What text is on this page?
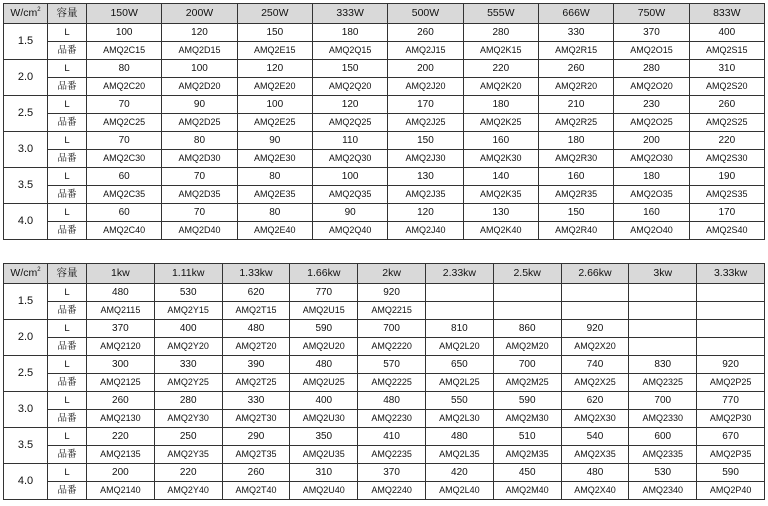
$W/cm^2$	容量	150W	200W	250W	333W	500W	555W	666W	750W	833W
1.5	L	100	120	150	180	260	280	330	370	400
	品番	AMQ2C15	AMQ2D15	AMQ2E15	AMQ2Q15	AMQ2J15	AMQ2K15	AMQ2R15	AMQ2O15	AMQ2S15
2.0	L	80	100	120	150	200	220	260	280	310
	品番	AMQ2C20	AMQ2D20	AMQ2E20	AMQ2Q20	AMQ2J20	AMQ2K20	AMQ2R20	AMQ2O20	AMQ2S20
2.5	L	70	90	100	120	170	180	210	230	260
	品番	AMQ2C25	AMQ2D25	AMQ2E25	AMQ2Q25	AMQ2J25	AMQ2K25	AMQ2R25	AMQ2O25	AMQ2S25
3.0	L	70	80	90	110	150	160	180	200	220
	品番	AMQ2C30	AMQ2D30	AMQ2E30	AMQ2Q30	AMQ2J30	AMQ2K30	AMQ2R30	AMQ2O30	AMQ2S30
3.5	L	60	70	80	100	130	140	160	180	190
	品番	AMQ2C35	AMQ2D35	AMQ2E35	AMQ2Q35	AMQ2J35	AMQ2K35	AMQ2R35	AMQ2O35	AMQ2S35
4.0	L	60	70	80	90	120	130	150	160	170
	品番	AMQ2C40	AMQ2D40	AMQ2E40	AMQ2Q40	AMQ2J40	AMQ2K40	AMQ2R40	AMQ2O40	AMQ2S40
$W/cm^2$	容量	1kw	1.11kw	1.33kw	1.66kw	2kw	2.33kw	2.5kw	2.66kw	3kw	3.33kw
1.5	L	480	530	620	770	920					
	品番	AMQ2115	AMQ2Y15	AMQ2T15	AMQ2U15	AMQ2215					
2.0	L	370	400	480	590	700	810	860	920		
	品番	AMQ2120	AMQ2Y20	AMQ2T20	AMQ2U20	AMQ2220	AMQ2L20	AMQ2M20	AMQ2X20		
2.5	L	300	330	390	480	570	650	700	740	830	920
	品番	AMQ2125	AMQ2Y25	AMQ2T25	AMQ2U25	AMQ2225	AMQ2L25	AMQ2M25	AMQ2X25	AMQ2325	AMQ2P25
3.0	L	260	280	330	400	480	550	590	620	700	770
	品番	AMQ2130	AMQ2Y30	AMQ2T30	AMQ2U30	AMQ2230	AMQ2L30	AMQ2M30	AMQ2X30	AMQ2330	AMQ2P30
3.5	L	220	250	290	350	410	480	510	540	600	670
	品番	AMQ2135	AMQ2Y35	AMQ2T35	AMQ2U35	AMQ2235	AMQ2L35	AMQ2M35	AMQ2X35	AMQ2335	AMQ2P35
4.0	L	200	220	260	310	370	420	450	480	530	590
	品番	AMQ2140	AMQ2Y40	AMQ2T40	AMQ2U40	AMQ2240	AMQ2L40	AMQ2M40	AMQ2X40	AMQ2340	AMQ2P40
